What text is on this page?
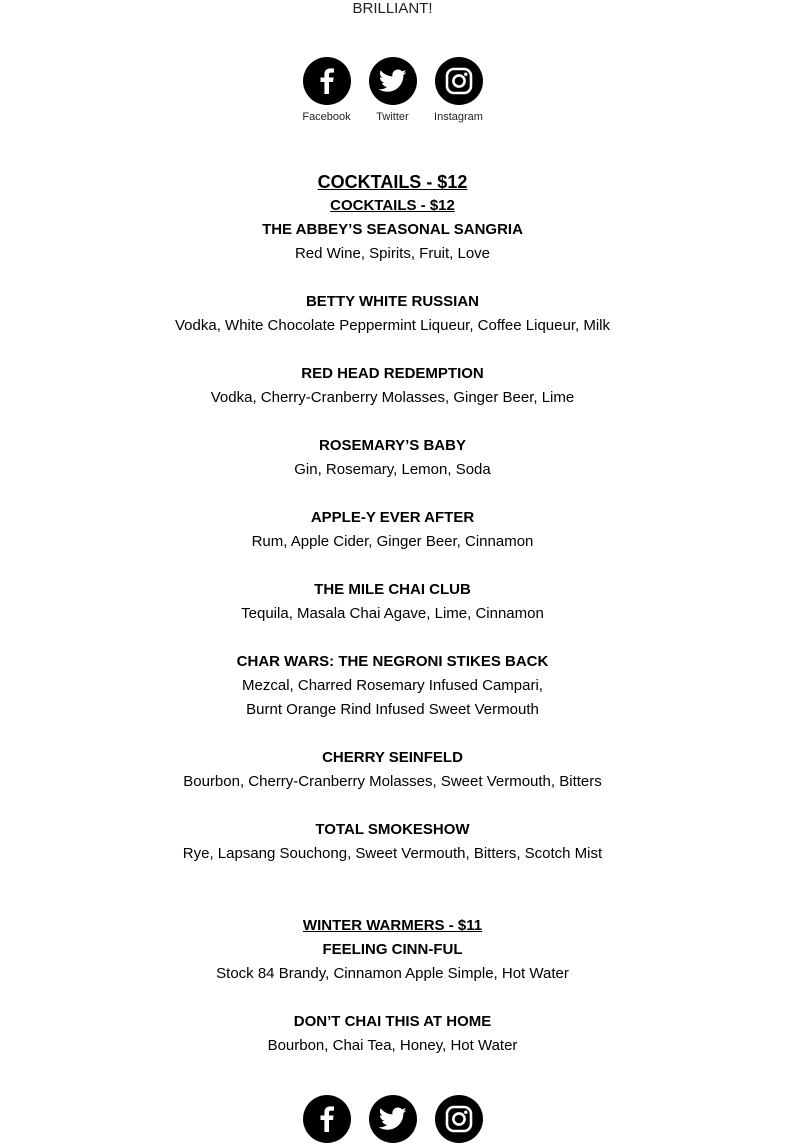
BRILLIANT!
Facebook Twitter Instagram
COCKTAILS - $12
COCKTAILS - $12
THE ABBEY’S SEASONAL SANGRIA
Red Wine, Spirits, Fruit, Love
BETTY WHITE RUSSIAN
Vodka, White Chocolate Peppermint Liqueur, Coffee Liqueur, Milk
RED HEAD REDEMPTION
Vodka, Cherry-Cranberry Molasses, Ginger Beer, Lime
ROSEMARY’S BABY
Gin, Rosemary, Lemon, Soda
APPLE-Y EVER AFTER
Rum, Apple Cider, Ginger Beer, Cinnamon
THE MILE CHAI CLUB
Tequila, Masala Chai Agave, Lime, Cinnamon
CHAR WARS: THE NEGRONI STIKES BACK
Mezcal, Charred Rosemary Infused Campari,
Burnt Orange Rind Infused Sweet Vermouth
CHERRY SEINFELD
Bourbon, Cherry-Cranberry Molasses, Sweet Vermouth, Bitters
TOTAL SMOKESHOW
Rye, Lapsang Souchong, Sweet Vermouth, Bitters, Scotch Mist
WINTER WARMERS - $11
FEELING CINN-FUL
Stock 84 Brandy, Cinnamon Apple Simple, Hot Water
DON’T CHAI THIS AT HOME
Bourbon, Chai Tea, Honey, Hot Water
